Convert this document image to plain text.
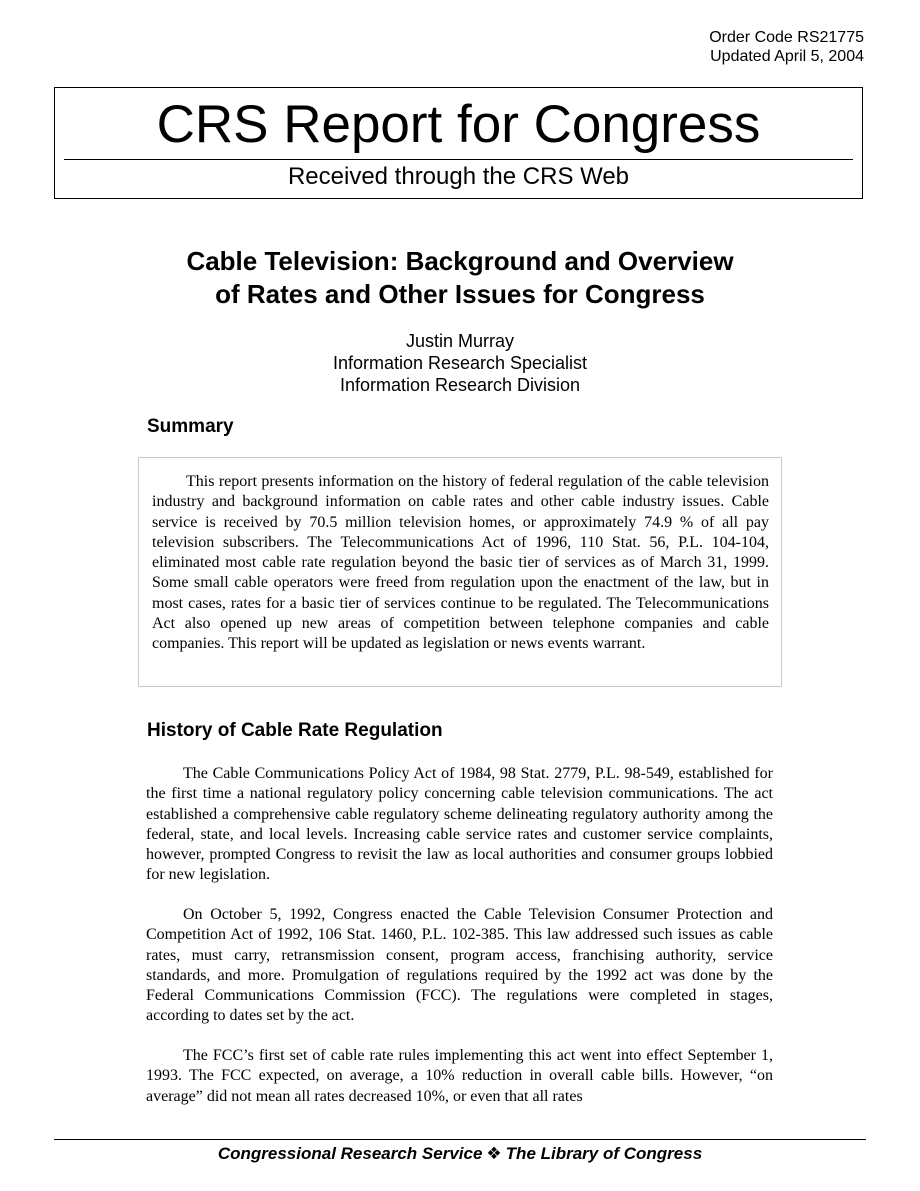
Order Code RS21775
Updated April 5, 2004
CRS Report for Congress
Received through the CRS Web
Cable Television: Background and Overview
of Rates and Other Issues for Congress
Justin Murray
Information Research Specialist
Information Research Division
Summary

This report presents information on the history of federal regulation of the cable television industry and background information on cable rates and other cable industry issues. Cable service is received by 70.5 million television homes, or approximately 74.9 % of all pay television subscribers. The Telecommunications Act of 1996, 110 Stat. 56, P.L. 104-104, eliminated most cable rate regulation beyond the basic tier of services as of March 31, 1999. Some small cable operators were freed from regulation upon the enactment of the law, but in most cases, rates for a basic tier of services continue to be regulated. The Telecommunications Act also opened up new areas of competition between telephone companies and cable companies. This report will be updated as legislation or news events warrant.

History of Cable Rate Regulation

The Cable Communications Policy Act of 1984, 98 Stat. 2779, P.L. 98-549, established for the first time a national regulatory policy concerning cable television communications. The act established a comprehensive cable regulatory scheme delineating regulatory authority among the federal, state, and local levels. Increasing cable service rates and customer service complaints, however, prompted Congress to revisit the law as local authorities and consumer groups lobbied for new legislation.

On October 5, 1992, Congress enacted the Cable Television Consumer Protection and Competition Act of 1992, 106 Stat. 1460, P.L. 102-385. This law addressed such issues as cable rates, must carry, retransmission consent, program access, franchising authority, service standards, and more. Promulgation of regulations required by the 1992 act was done by the Federal Communications Commission (FCC). The regulations were completed in stages, according to dates set by the act.

The FCC’s first set of cable rate rules implementing this act went into effect September 1, 1993. The FCC expected, on average, a 10% reduction in overall cable bills. However, “on average” did not mean all rates decreased 10%, or even that all rates

Congressional Research Service ❖ The Library of Congress
